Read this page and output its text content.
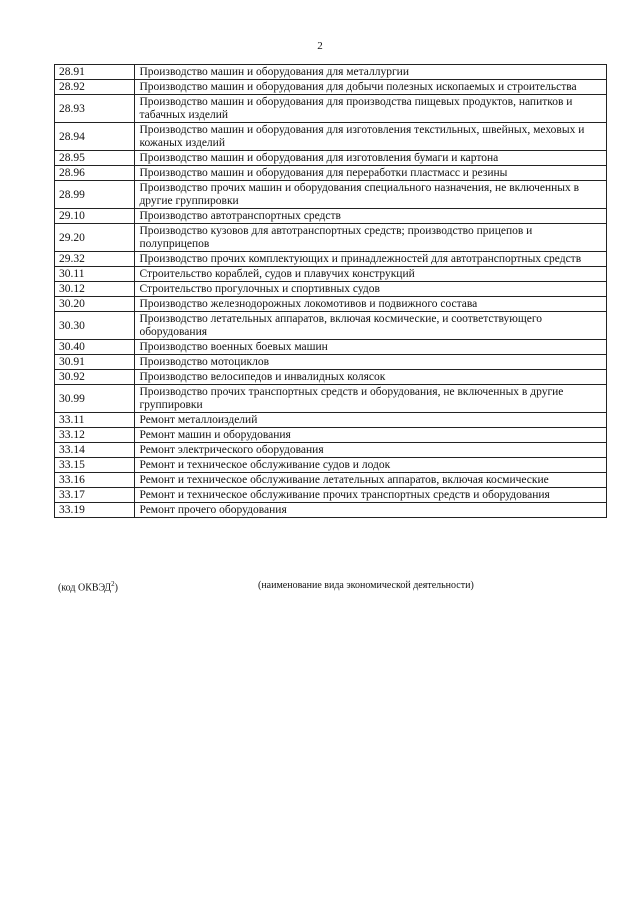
2
28.91	Производство машин и оборудования для металлургии
28.92	Производство машин и оборудования для добычи полезных ископаемых и строительства
28.93	Производство машин и оборудования для производства пищевых продуктов, напитков и табачных изделий
28.94	Производство машин и оборудования для изготовления текстильных, швейных, меховых и кожаных изделий
28.95	Производство машин и оборудования для изготовления бумаги и картона
28.96	Производство машин и оборудования для переработки пластмасс и резины
28.99	Производство прочих машин и оборудования специального назначения, не включенных в другие группировки
29.10	Производство автотранспортных средств
29.20	Производство кузовов для автотранспортных средств; производство прицепов и полуприцепов
29.32	Производство прочих комплектующих и принадлежностей для автотранспортных средств
30.11	Строительство кораблей, судов и плавучих конструкций
30.12	Строительство прогулочных и спортивных судов
30.20	Производство железнодорожных локомотивов и подвижного состава
30.30	Производство летательных аппаратов, включая космические, и соответствующего оборудования
30.40	Производство военных боевых машин
30.91	Производство мотоциклов
30.92	Производство велосипедов и инвалидных колясок
30.99	Производство прочих транспортных средств и оборудования, не включенных в другие группировки
33.11	Ремонт металлоизделий
33.12	Ремонт машин и оборудования
33.14	Ремонт электрического оборудования
33.15	Ремонт и техническое обслуживание судов и лодок
33.16	Ремонт и техническое обслуживание летательных аппаратов, включая космические
33.17	Ремонт и техническое обслуживание прочих транспортных средств и оборудования
33.19	Ремонт прочего оборудования
(код ОКВЭД$^2$)	(наименование вида экономической деятельности)
